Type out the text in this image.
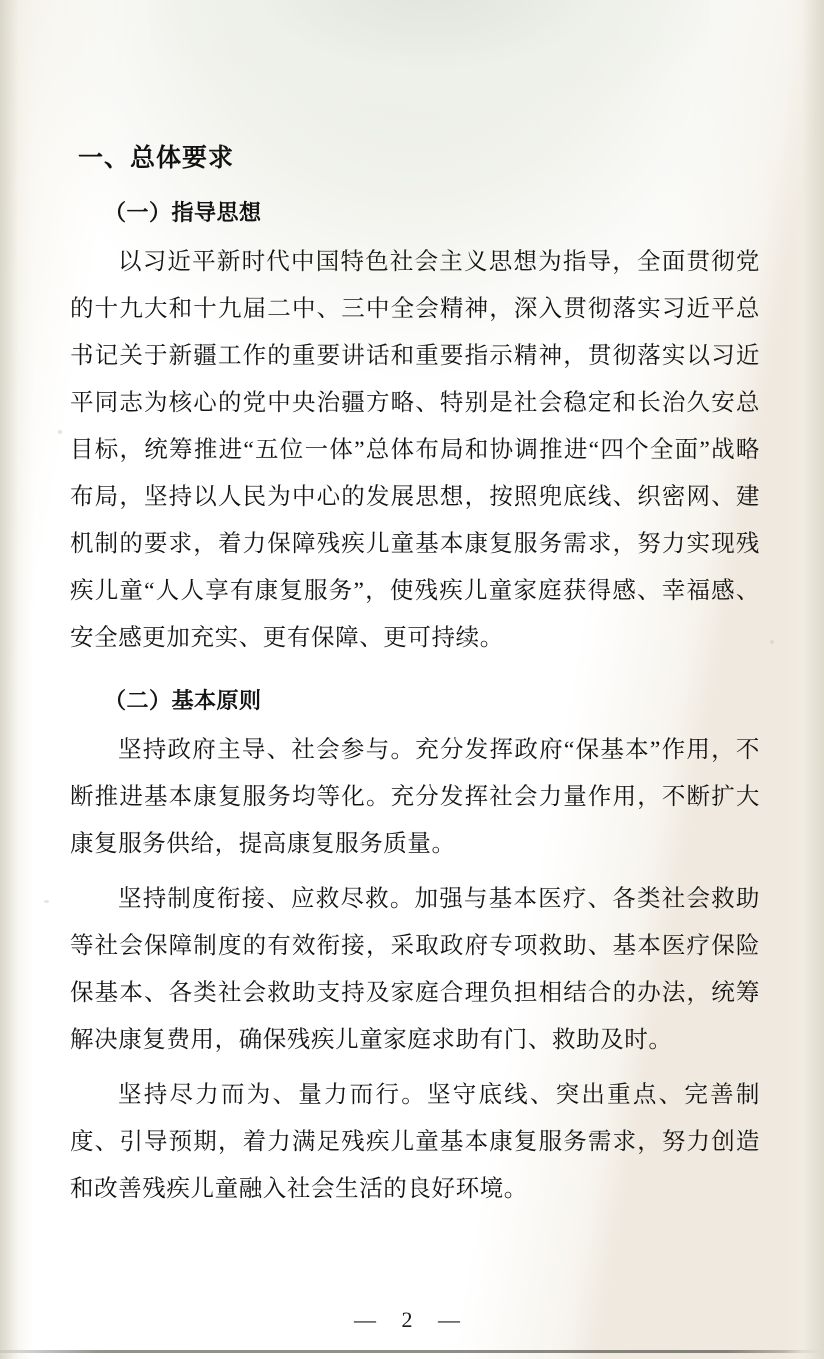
一、总体要求
（一）指导思想

以习近平新时代中国特色社会主义思想为指导，全面贯彻党的十九大和十九届二中、三中全会精神，深入贯彻落实习近平总书记关于新疆工作的重要讲话和重要指示精神，贯彻落实以习近平同志为核心的党中央治疆方略、特别是社会稳定和长治久安总目标，统筹推进“五位一体”总体布局和协调推进“四个全面”战略布局，坚持以人民为中心的发展思想，按照兜底线、织密网、建机制的要求，着力保障残疾儿童基本康复服务需求，努力实现残疾儿童“人人享有康复服务”，使残疾儿童家庭获得感、幸福感、安全感更加充实、更有保障、更可持续。

（二）基本原则

坚持政府主导、社会参与。充分发挥政府“保基本”作用，不断推进基本康复服务均等化。充分发挥社会力量作用，不断扩大康复服务供给，提高康复服务质量。

坚持制度衔接、应救尽救。加强与基本医疗、各类社会救助等社会保障制度的有效衔接，采取政府专项救助、基本医疗保险保基本、各类社会救助支持及家庭合理负担相结合的办法，统筹解决康复费用，确保残疾儿童家庭求助有门、救助及时。

坚持尽力而为、量力而行。坚守底线、突出重点、完善制度、引导预期，着力满足残疾儿童基本康复服务需求，努力创造和改善残疾儿童融入社会生活的良好环境。

— 2 —
